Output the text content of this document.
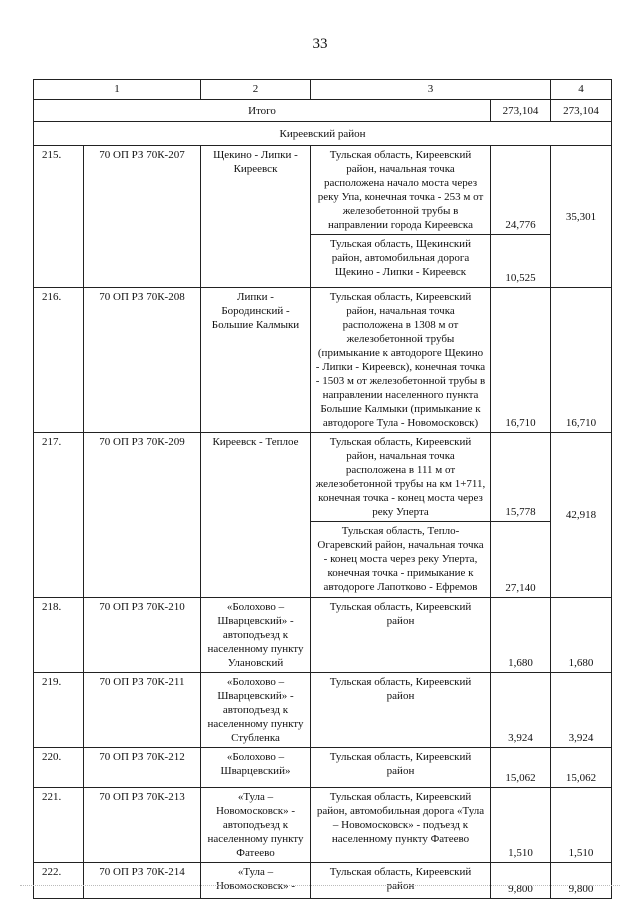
33
1		2	3		4
Итого				273,104	273,104
Киреевский район					
215.	70 ОП РЗ 70К-207	Щекино - Липки - Киреевск	Тульская область, Киреевский район, начальная точка расположена начало моста через реку Упа, конечная точка - 253 м от железобетонной трубы в направлении города Киреевска	24,776	35,301
			Тульская область, Щекинский район, автомобильная дорога Щекино - Липки - Киреевск	10,525	
216.	70 ОП РЗ 70К-208	Липки - Бородинский - Большие Калмыки	Тульская область, Киреевский район, начальная точка расположена в 1308 м от железобетонной трубы (примыкание к автодороге Щекино - Липки - Киреевск), конечная точка - 1503 м от железобетонной трубы в направлении населенного пункта Большие Калмыки (примыкание к автодороге Тула - Новомосковск)	16,710	16,710
217.	70 ОП РЗ 70К-209	Киреевск - Теплое	Тульская область, Киреевский район, начальная точка расположена в 111 м от железобетонной трубы на км 1+711, конечная точка - конец моста через реку Уперта	15,778	42,918
			Тульская область, Тепло-Огаревский район, начальная точка - конец моста через реку Уперта, конечная точка - примыкание к автодороге Лапотково - Ефремов	27,140	
218.	70 ОП РЗ 70К-210	«Болохово – Шварцевский» - автоподъезд к населенному пункту Улановский	Тульская область, Киреевский район	1,680	1,680
219.	70 ОП РЗ 70К-211	«Болохово – Шварцевский» - автоподъезд к населенному пункту Стубленка	Тульская область, Киреевский район	3,924	3,924
220.	70 ОП РЗ 70К-212	«Болохово – Шварцевский»	Тульская область, Киреевский район	15,062	15,062
221.	70 ОП РЗ 70К-213	«Тула – Новомосковск» - автоподъезд к населенному пункту Фатеево	Тульская область, Киреевский район, автомобильная дорога «Тула – Новомосковск» - подъезд к населенному пункту Фатеево	1,510	1,510
222.	70 ОП РЗ 70К-214	«Тула – Новомосковск» -	Тульская область, Киреевский район	9,800	9,800
